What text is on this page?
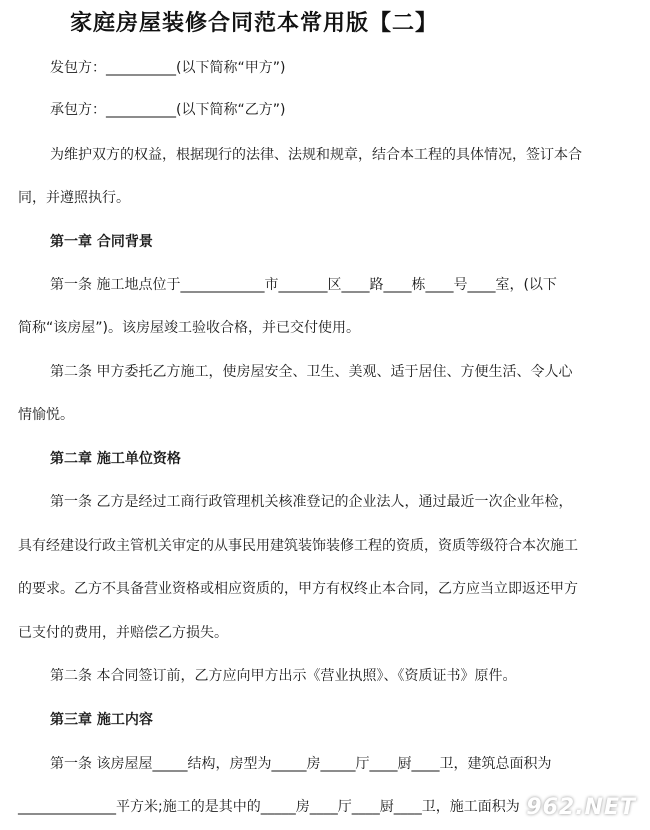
家庭房屋装修合同范本常用版【二】
发包方：__________(以下简称“甲方”)
承包方：__________(以下简称“乙方”)
为维护双方的权益，根据现行的法律、法规和规章，结合本工程的具体情况，签订本合
同，并遵照执行。
第一章 合同背景
第一条 施工地点位于____________市_______区____路____栋____号____室，(以下
简称“该房屋”)。该房屋竣工验收合格，并已交付使用。
第二条 甲方委托乙方施工，使房屋安全、卫生、美观、适于居住、方便生活、令人心
情愉悦。
第二章 施工单位资格
第一条 乙方是经过工商行政管理机关核准登记的企业法人，通过最近一次企业年检，
具有经建设行政主管机关审定的从事民用建筑装饰装修工程的资质，资质等级符合本次施工
的要求。乙方不具备营业资格或相应资质的，甲方有权终止本合同，乙方应当立即返还甲方
已支付的费用，并赔偿乙方损失。
第二条 本合同签订前，乙方应向甲方出示《营业执照》、《资质证书》原件。
第三章 施工内容
第一条 该房屋屋_____结构，房型为_____房_____厅____厨____卫，建筑总面积为
______________平方米;施工的是其中的_____房____厅____厨____卫，施工面积为 962.NET
